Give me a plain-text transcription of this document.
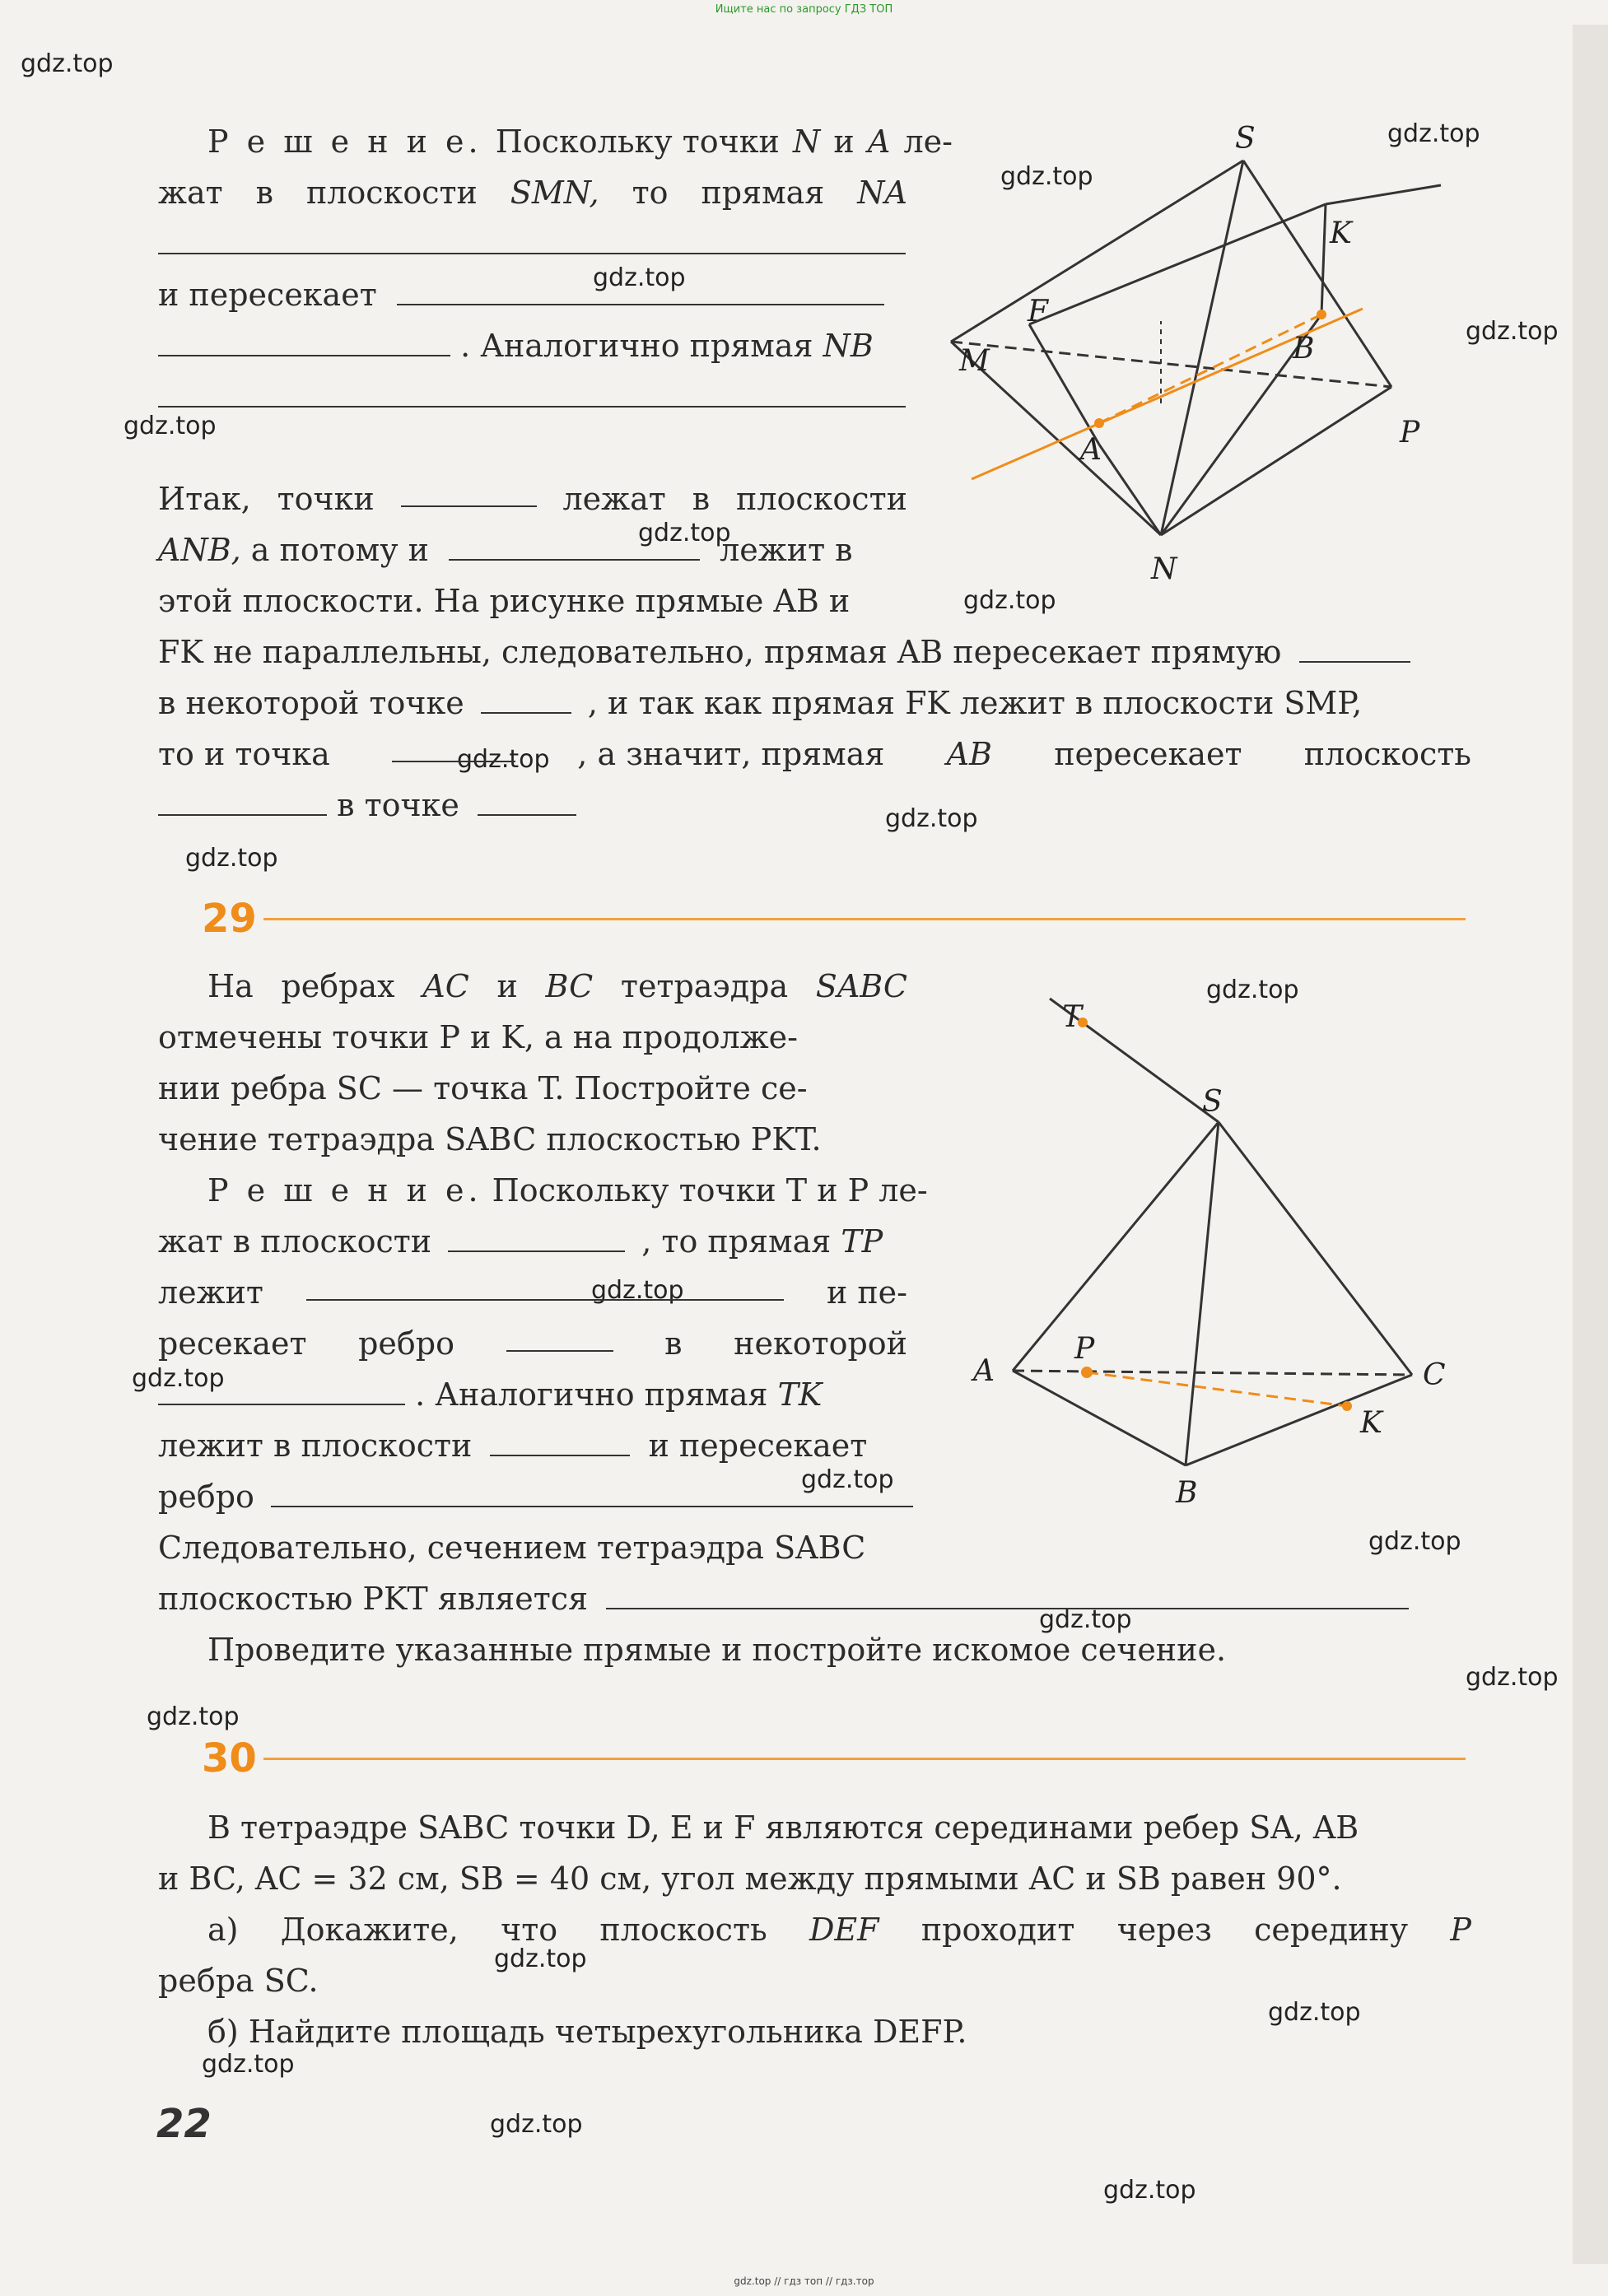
Ищите нас по запросу ГДЗ ТОП
gdz.top
gdz.top
gdz.top
gdz.top
gdz.top
gdz.top
gdz.top
gdz.top
gdz.top
gdz.top
gdz.top
gdz.top
gdz.top
gdz.top
gdz.top
gdz.top
gdz.top
gdz.top
gdz.top
gdz.top
gdz.top
gdz.top
gdz.top
gdz.top
Р е ш е н и е. Поскольку точки N и A ле-
жат в плоскости SMN, то прямая NA
и пересекает
. Аналогично прямая NB
Итак, точки	лежат в плоскости
ANB, а потому и	лежит в
этой плоскости. На рисунке прямые AB и
FK не параллельны, следовательно, прямая AB пересекает прямую
в некоторой точке	, и так как прямая FK лежит в плоскости SMP,
то и точка	, а значит, прямая AB пересекает плоскость
в точке
S
K
F
M	B
A
P
N
29
На ребрах AC и BC тетраэдра SABC
отмечены точки P и K, а на продолже-
нии ребра SC — точка T. Постройте се-
чение тетраэдра SABC плоскостью PKT.
Р е ш е н и е. Поскольку точки T и P ле-
жат в плоскости	, то прямая TP
лежит	и пе-
ресекает ребро	в некоторой
. Аналогично прямая TK
лежит в плоскости	и пересекает
ребро
Следовательно, сечением тетраэдра SABC
плоскостью PKT является
Проведите указанные прямые и постройте искомое сечение.
T
S
P
A	C
K
B
30
В тетраэдре SABC точки D, E и F являются серединами ребер SA, AB
и BC, AC = 32 см, SB = 40 см, угол между прямыми AC и SB равен 90°.
а) Докажите, что плоскость DEF проходит через середину P
ребра SC.
б) Найдите площадь четырехугольника DEFP.
22
gdz.top // гдз топ // гдз.тор
